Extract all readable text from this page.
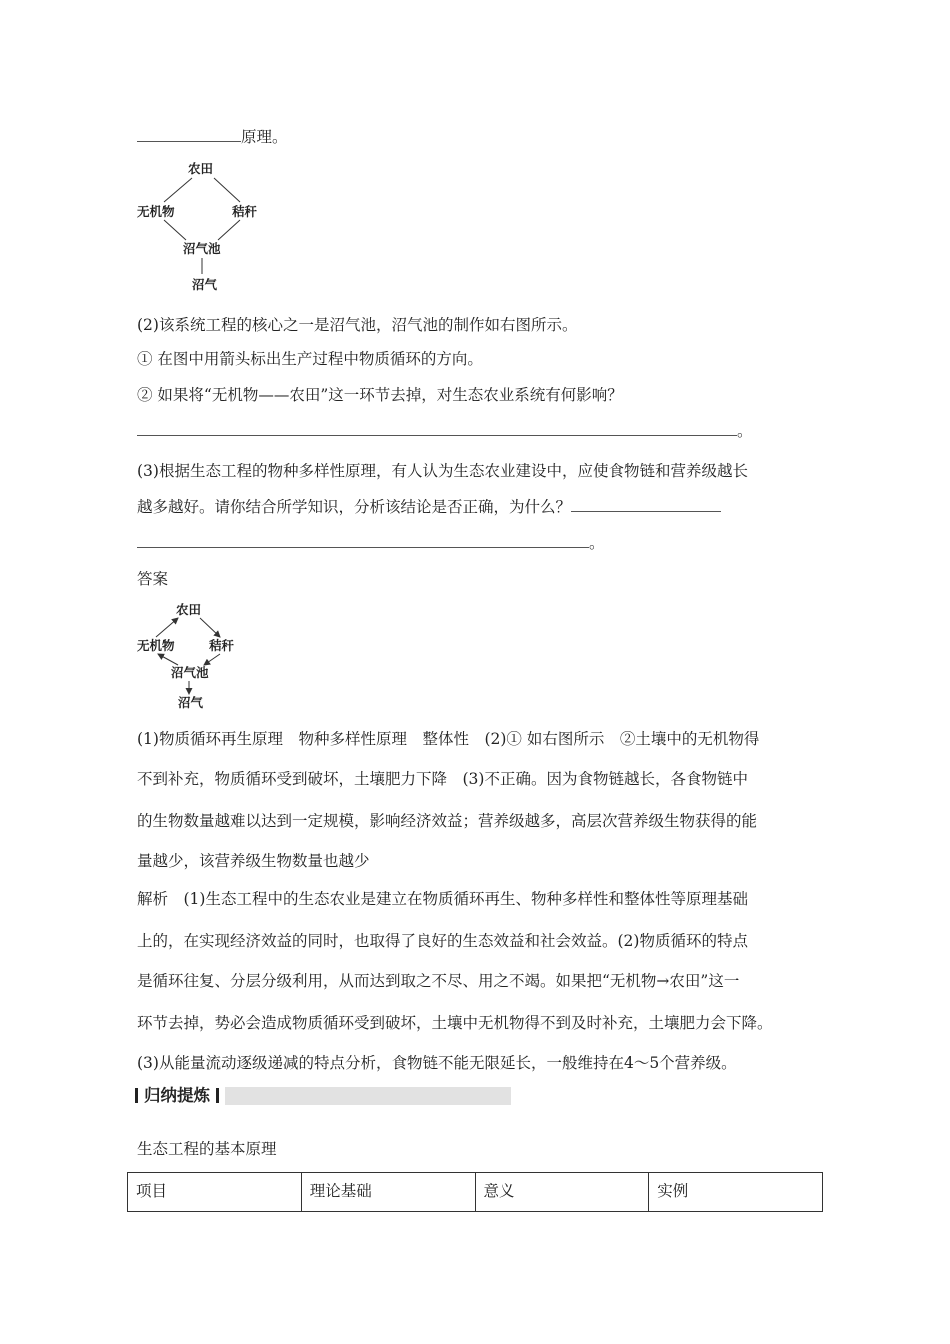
原理。
农田
无机物	秸秆
沼气池
沼气
(2)该系统工程的核心之一是沼气池，沼气池的制作如右图所示。
① 在图中用箭头标出生产过程中物质循环的方向。
② 如果将“无机物——农田”这一环节去掉，对生态农业系统有何影响？
。
(3)根据生态工程的物种多样性原理，有人认为生态农业建设中，应使食物链和营养级越长
越多越好。请你结合所学知识，分析该结论是否正确，为什么？
。
答案
农田
无机物	秸秆
沼气池
沼气
(1)物质循环再生原理　物种多样性原理　整体性　(2)① 如右图所示　②土壤中的无机物得
不到补充，物质循环受到破坏，土壤肥力下降　(3)不正确。因为食物链越长，各食物链中
的生物数量越难以达到一定规模，影响经济效益；营养级越多，高层次营养级生物获得的能
量越少，该营养级生物数量也越少
解析　(1)生态工程中的生态农业是建立在物质循环再生、物种多样性和整体性等原理基础
上的，在实现经济效益的同时，也取得了良好的生态效益和社会效益。(2)物质循环的特点
是循环往复、分层分级利用，从而达到取之不尽、用之不竭。如果把“无机物→农田”这一
环节去掉，势必会造成物质循环受到破坏，土壤中无机物得不到及时补充，土壤肥力会下降。
(3)从能量流动逐级递减的特点分析，食物链不能无限延长，一般维持在4～5个营养级。
归纳提炼
生态工程的基本原理
项目	理论基础	意义	实例
